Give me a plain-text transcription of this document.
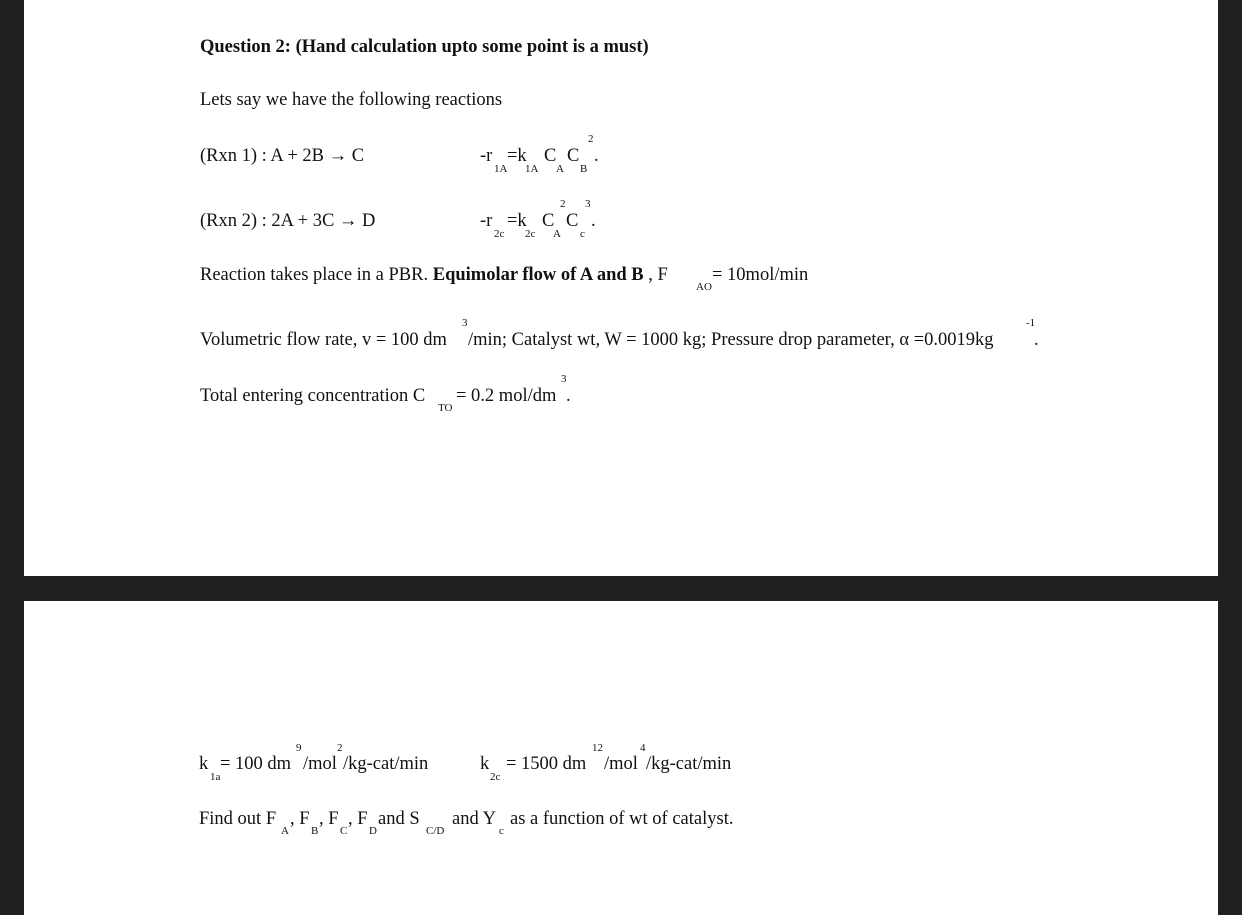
Question 2: (Hand calculation upto some point is a must)
Lets say we have the following reactions
(Rxn 1) : A + 2B → C	-r
1A
=k
1A
C
A
C
B
2
.
(Rxn 2) : 2A + 3C → D	-r
2c
=k
2c
C
A
2
C
c
3
.
Reaction takes place in a PBR. Equimolar flow of A and B , F
AO
= 10mol/min
Volumetric flow rate, v = 100 dm
3
/min; Catalyst wt, W = 1000 kg; Pressure drop parameter, α =0.0019kg
-1
.
Total entering concentration C
TO
= 0.2 mol/dm
3
.
k
1a
= 100 dm
9
/mol
2
/kg-cat/min	k
2c
= 1500 dm
12
/mol
4
/kg-cat/min
Find out F
A
, F
B
, F
C
, F
D
and S
C/D
and Y
c
as a function of wt of catalyst.
